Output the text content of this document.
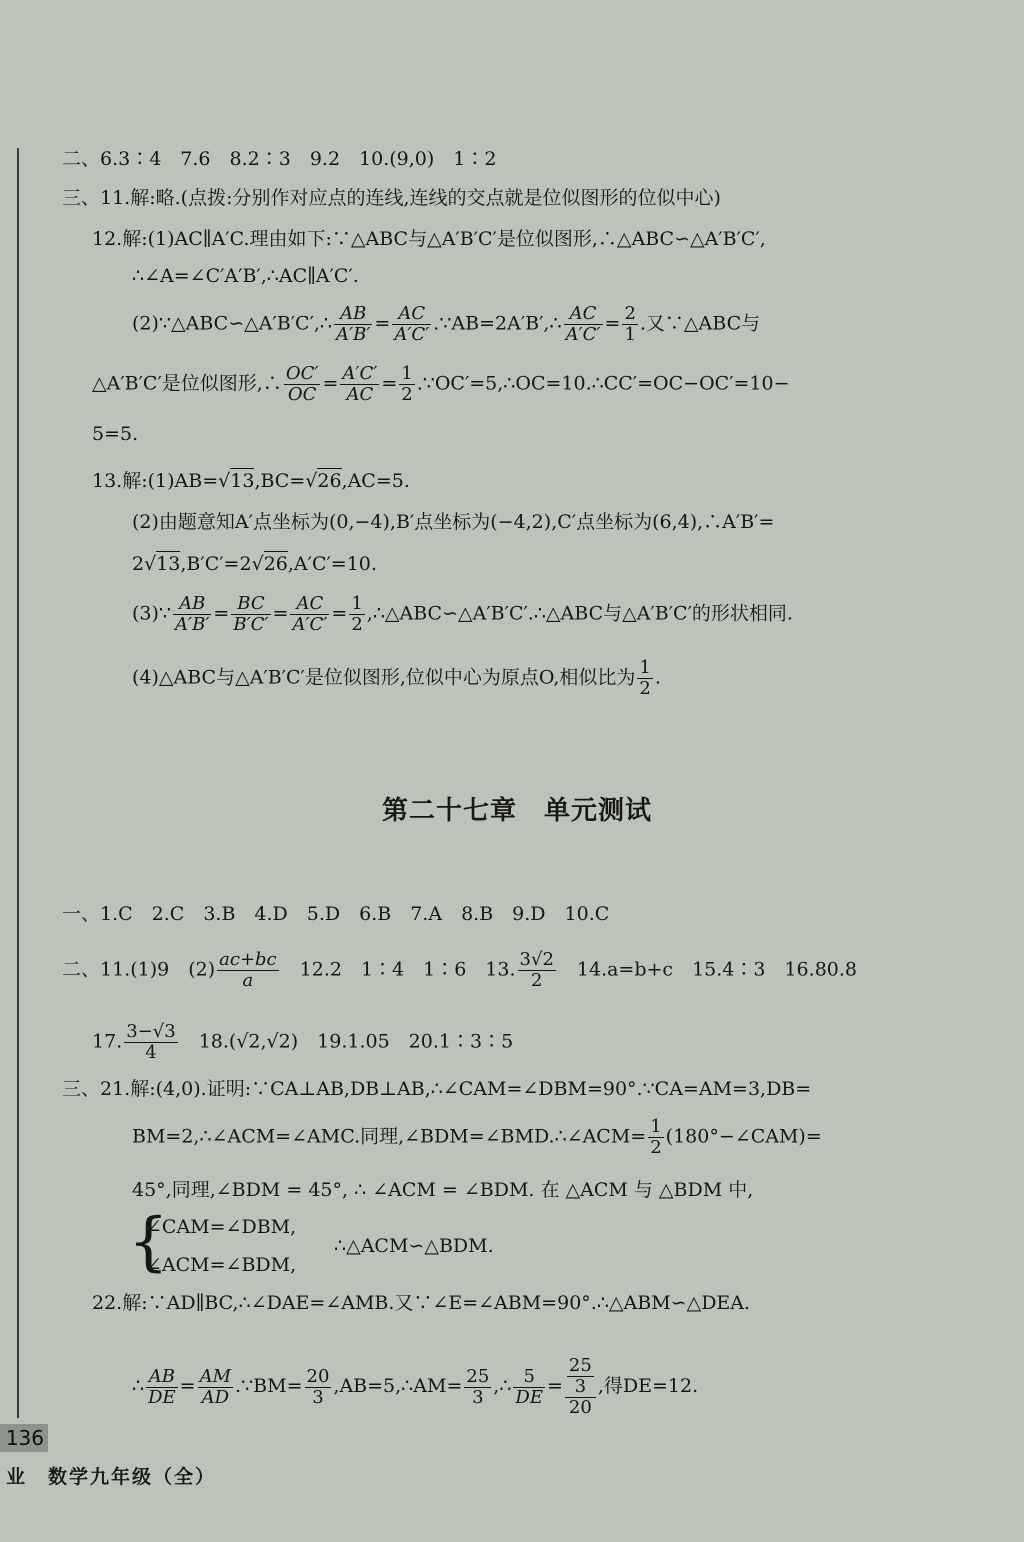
二、6.3∶4　7.6　8.2∶3　9.2　10.(9,0)　1∶2
三、11.解:略.(点拨:分别作对应点的连线,连线的交点就是位似图形的位似中心)
12.解:(1)AC∥A′C.理由如下:∵△ABC与△A′B′C′是位似图形,∴△ABC∽△A′B′C′,
∴∠A=∠C′A′B′,∴AC∥A′C′.
(2)∵△ABC∽△A′B′C′,∴ $\frac{AB}{A'B'} = \frac{AC}{A'C'}$ .∵AB=2A′B′,∴ $\frac{AC}{A'C'} = \frac{2}{1}$ .又∵△ABC与
△A′B′C′是位似图形,∴ $\frac{OC'}{OC} = \frac{A'C'}{AC} = \frac{1}{2}$ .∵OC′=5,∴OC=10.∴CC′=OC−OC′=10−
5=5.
13.解:(1)AB=√13,BC=√26,AC=5.
(2)由题意知A′点坐标为(0,−4),B′点坐标为(−4,2),C′点坐标为(6,4),∴A′B′=
2√13,B′C′=2√26,A′C′=10.
(3)∵ $\frac{AB}{A'B'} = \frac{BC}{B'C'} = \frac{AC}{A'C'} = \frac{1}{2}$ ,∴△ABC∽△A′B′C′.∴△ABC与△A′B′C′的形状相同.
(4)△ABC与△A′B′C′是位似图形,位似中心为原点O,相似比为 $\frac{1}{2}$ .
第二十七章　单元测试
一、1.C　2.C　3.B　4.D　5.D　6.B　7.A　8.B　9.D　10.C
二、11.(1)9　$(2) \frac{ac+bc}{a}$ 　12.2　1∶4　1∶6　13. $\frac{3√2}{2}$ 　14.a=b+c　15.4∶3　16.80.8
17. $\frac{3-√3}{4}$ 　18.(√2,√2)　19.1.05　20.1∶3∶5
三、21.解:(4,0).证明:∵CA⊥AB,DB⊥AB,∴∠CAM=∠DBM=90°.∵CA=AM=3,DB=
BM=2,∴∠ACM=∠AMC.同理,∠BDM=∠BMD.∴∠ACM= $\frac{1}{2}$ (180°−∠CAM)=
45°,同理,∠BDM = 45°, ∴ ∠ACM = ∠BDM. 在 △ACM 与 △BDM 中,
{
∠CAM=∠DBM,
∠ACM=∠BDM,
∴△ACM∽△BDM.
22.解:∵AD∥BC,∴∠DAE=∠AMB.又∵∠E=∠ABM=90°.∴△ABM∽△DEA.
∴ $\frac{AB}{DE} = \frac{AM}{AD}$ .∵BM= $\frac{20}{3}$ ,AB=5,∴AM= $\frac{25}{3}$ ,∴ $\frac{5}{DE} = \frac{\frac{25}{3}}{20}$ ,得DE=12.
136
业　数学九年级（全）
